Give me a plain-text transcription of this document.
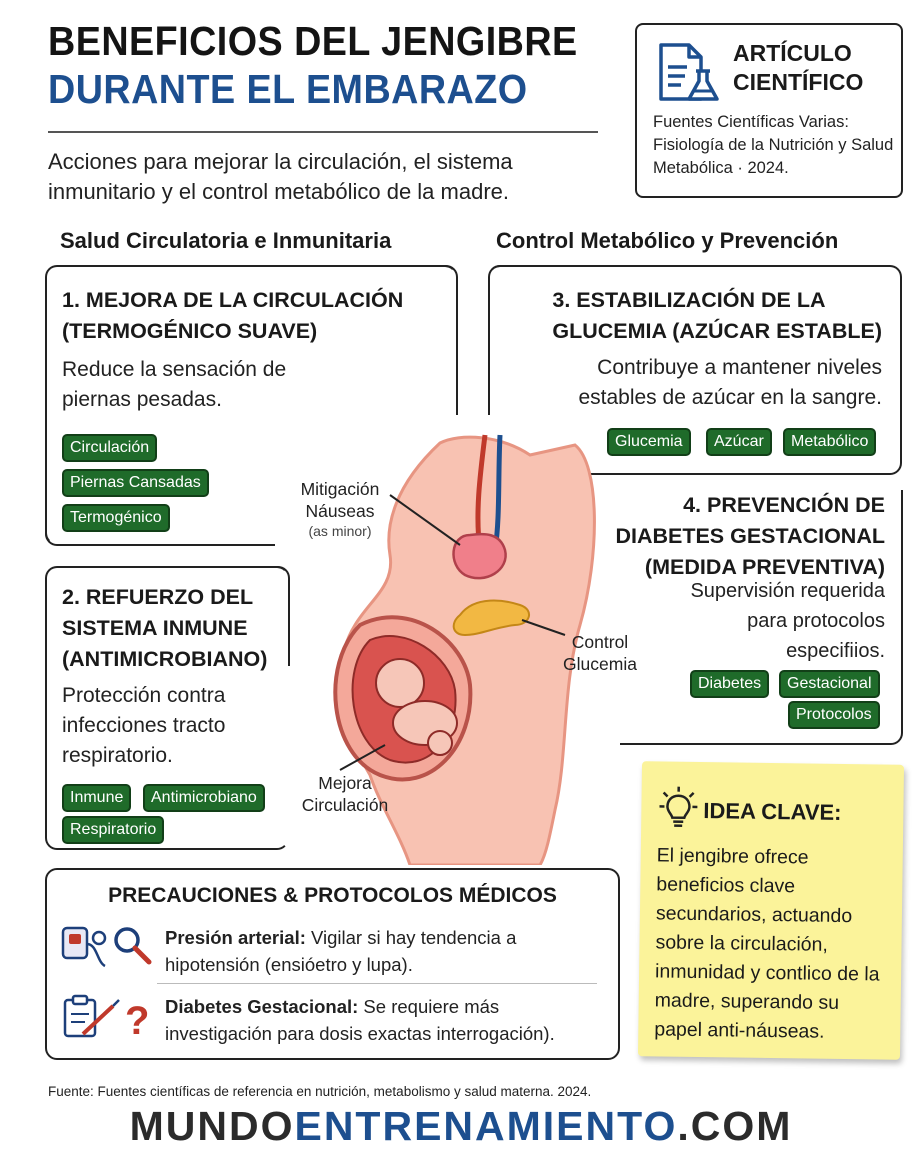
BENEFICIOS DEL JENGIBRE
DURANTE EL EMBARAZO
Acciones para mejorar la circulación, el sistema inmunitario y el control metabólico de la madre.
ARTÍCULO
CIENTÍFICO
Fuentes Científicas Varias: Fisiología de la Nutrición y Salud Metabólica · 2024.
Salud Circulatoria e Inmunitaria	Control Metabólico y Prevención
1. MEJORA DE LA CIRCULACIÓN (TERMOGÉNICO SUAVE)
Reduce la sensación de piernas pesadas.
Circulación
Piernas Cansadas
Termogénico
2. REFUERZO DEL
SISTEMA INMUNE
(ANTIMICROBIANO)
Protección contra infecciones tracto respiratorio.
Inmune	Antimicrobiano
Respiratorio
3. ESTABILIZACIÓN DE LA
GLUCEMIA (AZÚCAR ESTABLE)
Contribuye a mantener niveles
estables de azúcar en la sangre.
Glucemia	Azúcar	Metabólico
4. PREVENCIÓN DE
DIABETES GESTACIONAL
(MEDIDA PREVENTIVA)
Supervisión requerida
para protocolos
especifiios.
Diabetes	Gestacional
Protocolos
Mitigación
Náuseas
(as minor)
Control
Glucemia
Mejora
Circulación	IDEA CLAVE:
El jengibre ofrece beneficios clave secundarios, actuando sobre la circulación, inmunidad y contlico de la madre, superando su papel anti-náuseas.
PRECAUCIONES & PROTOCOLOS MÉDICOS
Presión arterial: Vigilar si hay tendencia a hipotensión (ensióetro y lupa).
? Diabetes Gestacional: Se requiere más investigación para dosis exactas interrogación).
Fuente: Fuentes científicas de referencia en nutrición, metabolismo y salud materna. 2024.
MUNDOENTRENAMIENTO.COM
